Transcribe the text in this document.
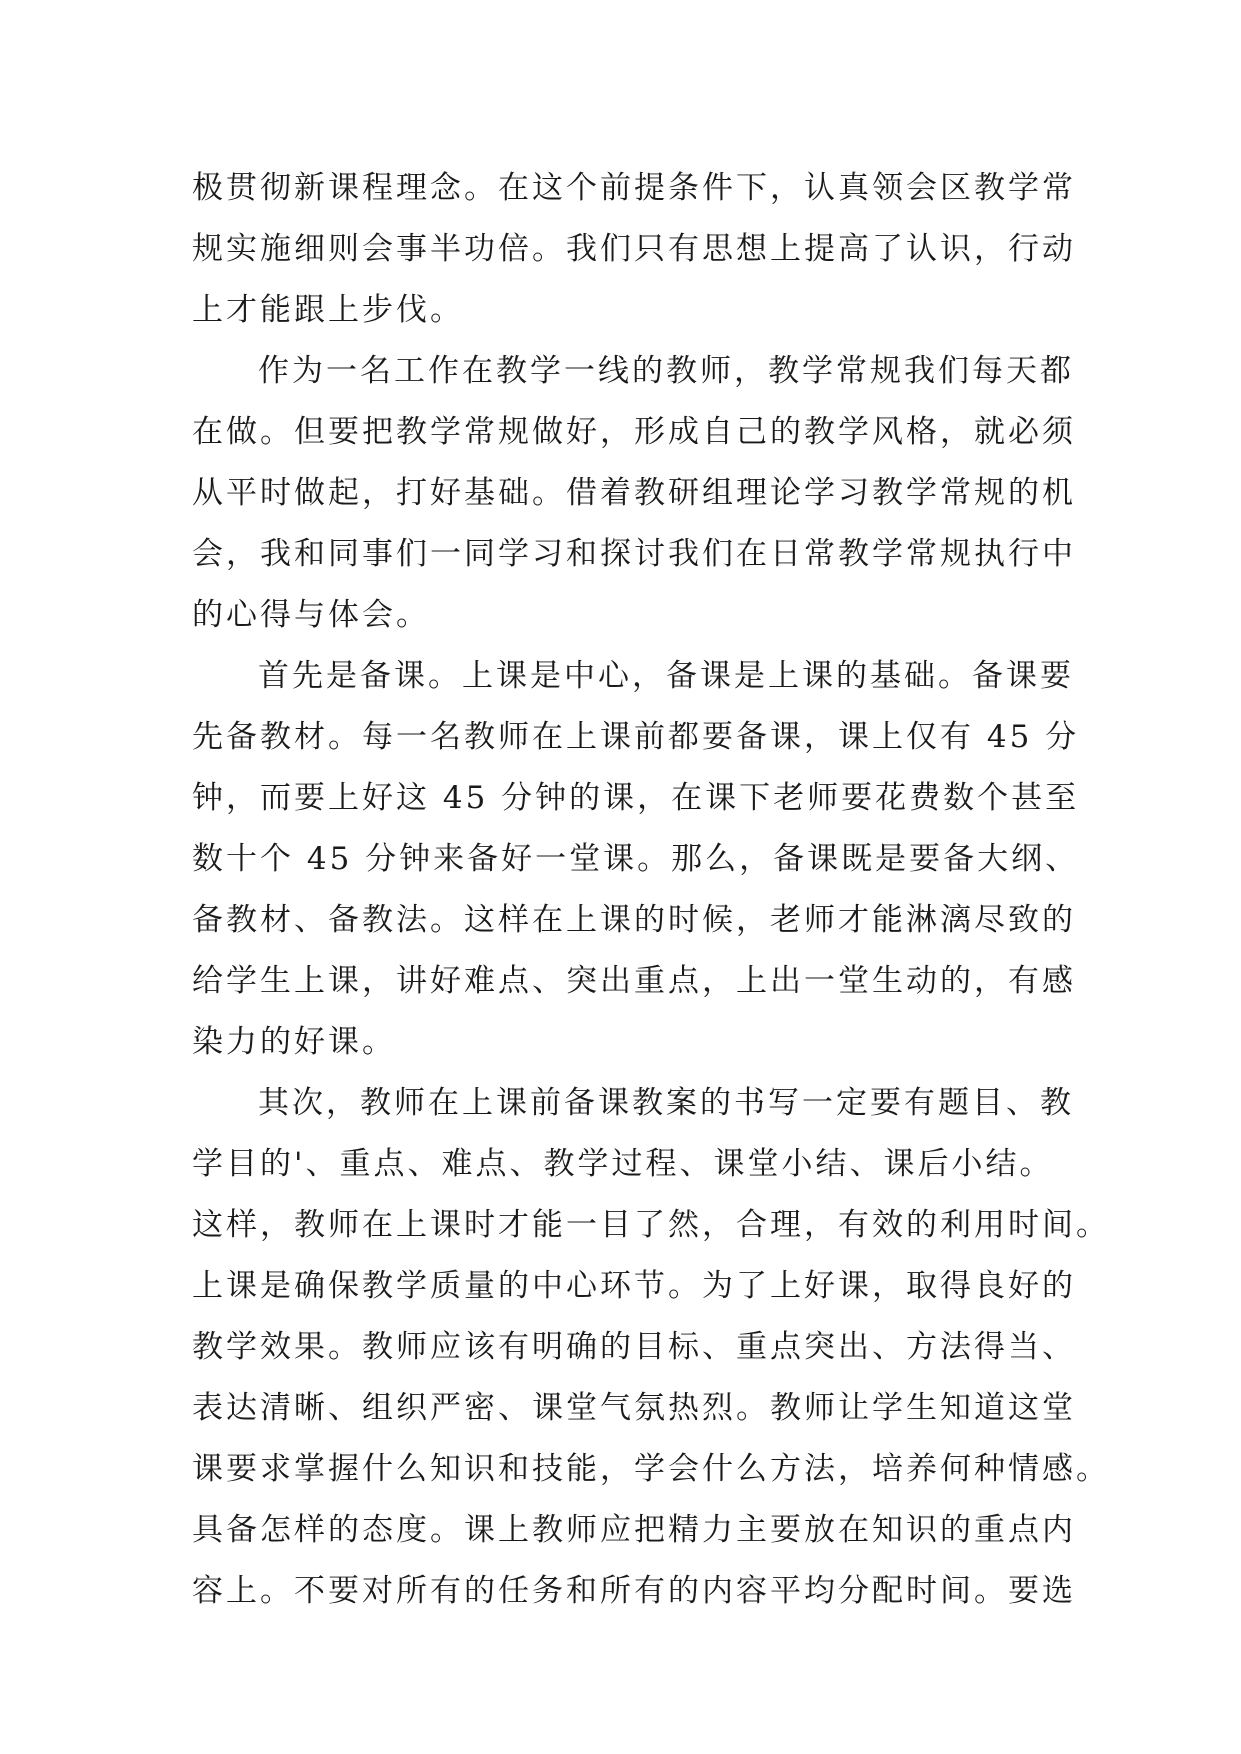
极贯彻新课程理念。在这个前提条件下，认真领会区教学常
规实施细则会事半功倍。我们只有思想上提高了认识，行动
上才能跟上步伐。
作为一名工作在教学一线的教师，教学常规我们每天都
在做。但要把教学常规做好，形成自己的教学风格，就必须
从平时做起，打好基础。借着教研组理论学习教学常规的机
会，我和同事们一同学习和探讨我们在日常教学常规执行中
的心得与体会。
首先是备课。上课是中心，备课是上课的基础。备课要
先备教材。每一名教师在上课前都要备课，课上仅有 45 分
钟，而要上好这 45 分钟的课，在课下老师要花费数个甚至
数十个 45 分钟来备好一堂课。那么，备课既是要备大纲、
备教材、备教法。这样在上课的时候，老师才能淋漓尽致的
给学生上课，讲好难点、突出重点，上出一堂生动的，有感
染力的好课。
其次，教师在上课前备课教案的书写一定要有题目、教
学目的'、重点、难点、教学过程、课堂小结、课后小结。
这样，教师在上课时才能一目了然，合理，有效的利用时间。
上课是确保教学质量的中心环节。为了上好课，取得良好的
教学效果。教师应该有明确的目标、重点突出、方法得当、
表达清晰、组织严密、课堂气氛热烈。教师让学生知道这堂
课要求掌握什么知识和技能，学会什么方法，培养何种情感。
具备怎样的态度。课上教师应把精力主要放在知识的重点内
容上。不要对所有的任务和所有的内容平均分配时间。要选
